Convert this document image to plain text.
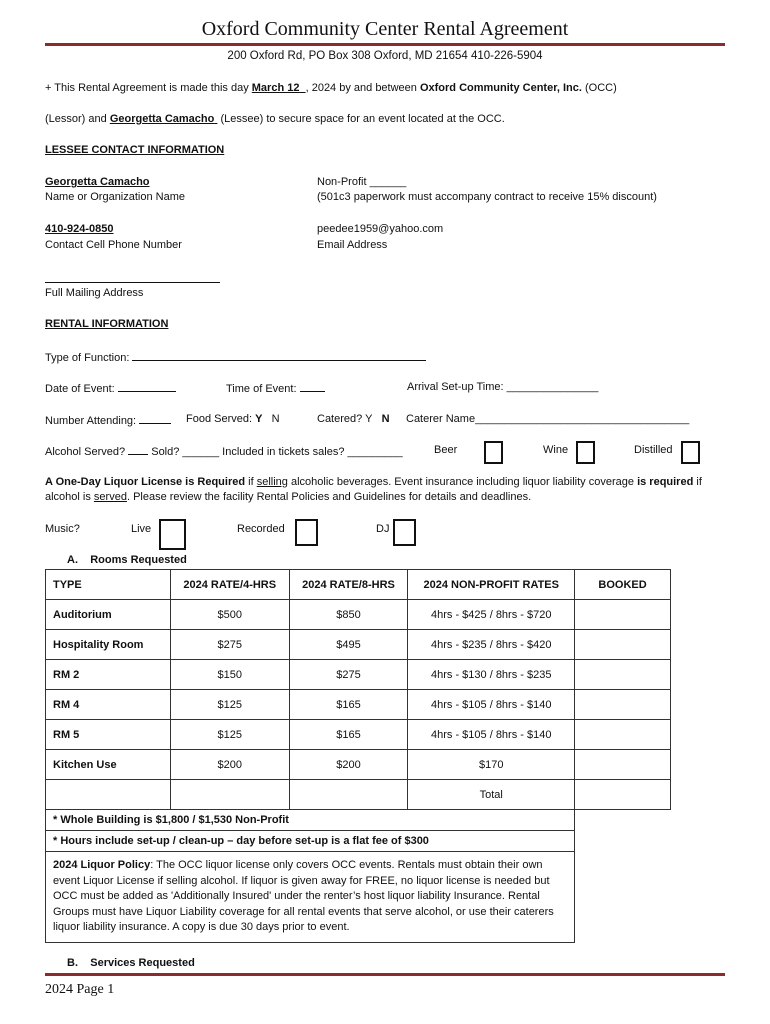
Oxford Community Center Rental Agreement
200 Oxford Rd, PO Box 308 Oxford, MD 21654 410-226-5904
+ This Rental Agreement is made this day March 12 , 2024 by and between Oxford Community Center, Inc. (OCC)
(Lessor) and Georgetta Camacho  (Lessee) to secure space for an event located at the OCC.
LESSEE CONTACT INFORMATION
Georgetta Camacho
Name or Organization Name
Non-Profit ______
(501c3 paperwork must accompany contract to receive 15% discount)
410-924-0850
Contact Cell Phone Number
peedee1959@yahoo.com
Email Address
Full Mailing Address
RENTAL INFORMATION
Type of Function:
Date of Event:	Time of Event:	Arrival Set-up Time: _______________
Number Attending:	Food Served: Y N	Catered? Y N Caterer Name___________________________________
Alcohol Served?  Sold? ______ Included in tickets sales? _________	Beer	Wine	Distilled
A One-Day Liquor License is Required if selling alcoholic beverages. Event insurance including liquor liability coverage is required if
alcohol is served. Please review the facility Rental Policies and Guidelines for details and deadlines.
Music?	Live	Recorded	DJ
A. Rooms Requested
TYPE	2024 RATE/4-HRS	2024 RATE/8-HRS	2024 NON-PROFIT RATES	BOOKED
Auditorium	$500	$850	4hrs - $425 / 8hrs - $720	
Hospitality Room	$275	$495	4hrs - $235 / 8hrs - $420	
RM 2	$150	$275	4hrs - $130 / 8hrs - $235	
RM 4	$125	$165	4hrs - $105 / 8hrs - $140	
RM 5	$125	$165	4hrs - $105 / 8hrs - $140	
Kitchen Use	$200	$200	$170	
			Total	
* Whole Building is $1,800 / $1,530 Non-Profit				
* Hours include set-up / clean-up – day before set-up is a flat fee of $300				
2024 Liquor Policy: The OCC liquor license only covers OCC events. Rentals must obtain their own event Liquor License if selling alcohol. If liquor is given away for FREE, no liquor license is needed but OCC must be added as 'Additionally Insured' under the renter’s host liquor liability Insurance. Rental Groups must have Liquor Liability coverage for all rental events that serve alcohol, or use their caterers liquor liability insurance. A copy is due 30 days prior to event.				
B. Services Requested
2024 Page 1
